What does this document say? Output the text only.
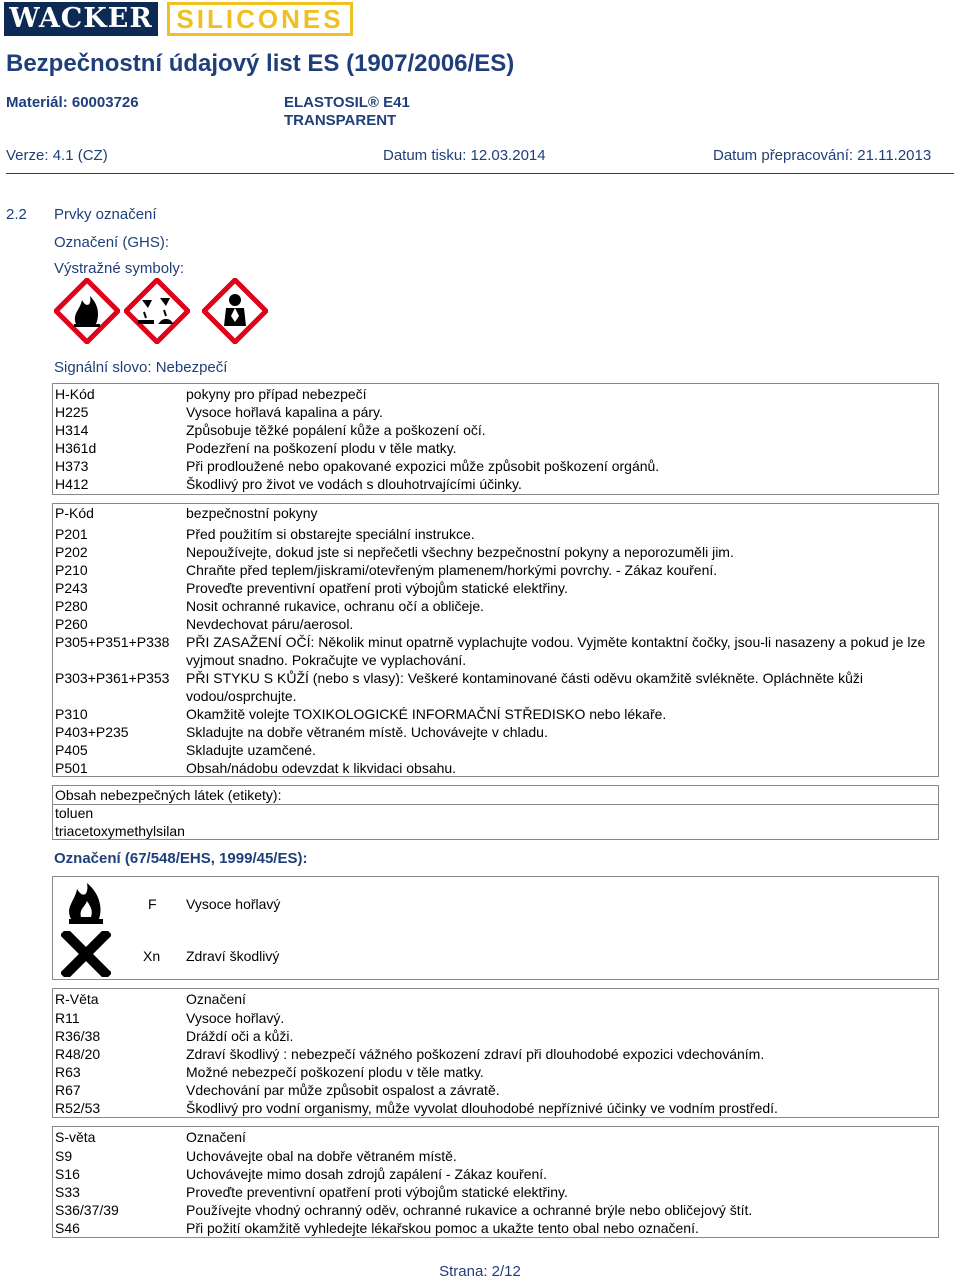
WACKER SILICONES
Bezpečnostní údajový list ES (1907/2006/ES)
Materiál: 60003726	ELASTOSIL® E41
TRANSPARENT
Verze: 4.1 (CZ)	Datum tisku: 12.03.2014	Datum přepracování: 21.11.2013
2.2 Prvky označení
Označení (GHS):
Výstražné symboly:
Signální slovo: Nebezpečí
H-Kód	pokyny pro případ nebezpečí
H225	Vysoce hořlavá kapalina a páry.
H314	Způsobuje těžké popálení kůže a poškození očí.
H361d	Podezření na poškození plodu v těle matky.
H373	Při prodloužené nebo opakované expozici může způsobit poškození orgánů.
H412	Škodlivý pro život ve vodách s dlouhotrvajícími účinky.
P-Kód	bezpečnostní pokyny
P201	Před použitím si obstarejte speciální instrukce.
P202	Nepoužívejte, dokud jste si nepřečetli všechny bezpečnostní pokyny a neporozuměli jim.
P210	Chraňte před teplem/jiskrami/otevřeným plamenem/horkými povrchy. - Zákaz kouření.
P243	Proveďte preventivní opatření proti výbojům statické elektřiny.
P280	Nosit ochranné rukavice, ochranu očí a obličeje.
P260	Nevdechovat páru/aerosol.
P305+P351+P338 PŘI ZASAŽENÍ OČÍ: Několik minut opatrně vyplachujte vodou. Vyjměte kontaktní čočky, jsou-li nasazeny a pokud je lze vyjmout snadno. Pokračujte ve vyplachování.
P303+P361+P353 PŘI STYKU S KŮŽÍ (nebo s vlasy): Veškeré kontaminované části oděvu okamžitě svlékněte. Opláchněte kůži vodou/osprchujte.
P310	Okamžitě volejte TOXIKOLOGICKÉ INFORMAČNÍ STŘEDISKO nebo lékaře.
P403+P235	Skladujte na dobře větraném místě. Uchovávejte v chladu.
P405	Skladujte uzamčené.
P501	Obsah/nádobu odevzdat k likvidaci obsahu.
Obsah nebezpečných látek (etikety):
toluen
triacetoxymethylsilan
Označení (67/548/EHS, 1999/45/ES):
F Vysoce hořlavý
Xn Zdraví škodlivý
R-Věta	Označení
R11	Vysoce hořlavý.
R36/38	Dráždí oči a kůži.
R48/20	Zdraví škodlivý : nebezpečí vážného poškození zdraví při dlouhodobé expozici vdechováním.
R63	Možné nebezpečí poškození plodu v těle matky.
R67	Vdechování par může způsobit ospalost a závratě.
R52/53	Škodlivý pro vodní organismy, může vyvolat dlouhodobé nepříznivé účinky ve vodním prostředí.
S-věta	Označení
S9	Uchovávejte obal na dobře větraném místě.
S16	Uchovávejte mimo dosah zdrojů zapálení - Zákaz kouření.
S33	Proveďte preventivní opatření proti výbojům statické elektřiny.
S36/37/39	Používejte vhodný ochranný oděv, ochranné rukavice a ochranné brýle nebo obličejový štít.
S46	Při požití okamžitě vyhledejte lékařskou pomoc a ukažte tento obal nebo označení.
Strana: 2/12
